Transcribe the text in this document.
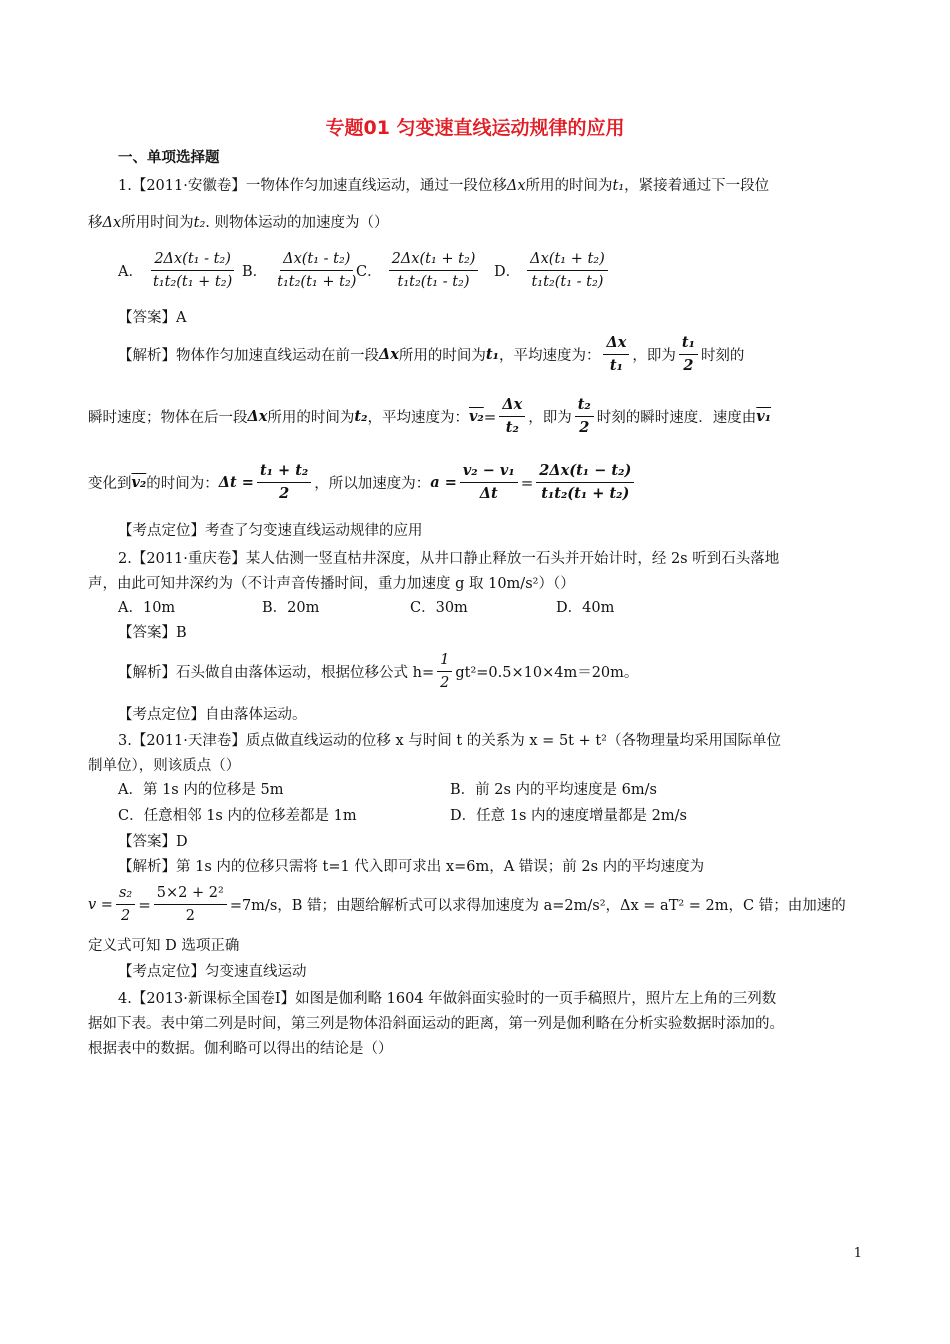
专题01 匀变速直线运动规律的应用
一、单项选择题
1.【2011·安徽卷】一物体作匀加速直线运动，通过一段位移Δx所用的时间为t₁，紧接着通过下一段位
移Δx所用时间为t₂. 则物体运动的加速度为（）
A． $\frac{\text{2Δx(t₁ - t₂)}}{\text{t₁t₂(t₁ + t₂)}}$ B． $\frac{\text{Δx(t₁ - t₂)}}{\text{t₁t₂(t₁ + t₂)}}$
C． $\frac{\text{2Δx(t₁ + t₂)}}{\text{t₁t₂(t₁ - t₂)}}$ D． $\frac{\text{Δx(t₁ + t₂)}}{\text{t₁t₂(t₁ - t₂)}}$
【答案】A
【解析】物体作匀加速直线运动在前一段 Δx 所用的时间为 t₁ ，平均速度为： $\frac{\Delta x}{\text{t₁}}$ ，即为 $\frac{\text{t₁}}{2}$ 时刻的
瞬时速度；物体在后一段 Δx 所用的时间为 t₂ ，平均速度为： $v_2 = \frac{\Delta x}{\text{t₂}}$ ，即为 $\frac{\text{t₂}}{2}$ 时刻的瞬时速度．速度由 v₁
变化到 v₂ 的时间为： $\Delta t = \frac{\text{t₁ + t₂}}{2}$ ，所以加速度为： $a = \frac{\text{v₂ − v₁}}{\Delta t} = \frac{\text{2Δx(t₁ − t₂)}}{\text{t₁t₂(t₁ + t₂)}}$
【考点定位】考查了匀变速直线运动规律的应用
2.【2011·重庆卷】某人估测一竖直枯井深度，从井口静止释放一石头并开始计时，经 2s 听到石头落地
声，由此可知井深约为（不计声音传播时间，重力加速度 g 取 10m/s²）（）
A．10m	B．20m	C．30m	D．40m
【答案】B
【解析】石头做自由落体运动，根据位移公式 $h= \frac{1}{2} gt^2=0.5\times 10\times 4m=20m$。
【考点定位】自由落体运动。
3.【2011·天津卷】质点做直线运动的位移 x 与时间 t 的关系为 x = 5t + t²（各物理量均采用国际单位
制单位），则该质点（）
A．第 1s 内的位移是 5m	B．前 2s 内的平均速度是 6m/s
C．任意相邻 1s 内的位移差都是 1m	D．任意 1s 内的速度增量都是 2m/s
【答案】D
【解析】第 1s 内的位移只需将 t=1 代入即可求出 x=6m，A 错误；前 2s 内的平均速度为
$v = \frac{\text{s₂}}{2} = \frac{\text{5×2 + 2²}}{2} =7m/s$，B 错；由题给解析式可以求得加速度为 a=2m/s²，Δx = aT² = 2m，C 错；由加速的
定义式可知 D 选项正确
【考点定位】匀变速直线运动
4.【2013·新课标全国卷Ⅰ】如图是伽利略 1604 年做斜面实验时的一页手稿照片，照片左上角的三列数
据如下表。表中第二列是时间，第三列是物体沿斜面运动的距离，第一列是伽利略在分析实验数据时添加的。
根据表中的数据。伽利略可以得出的结论是（）
1
